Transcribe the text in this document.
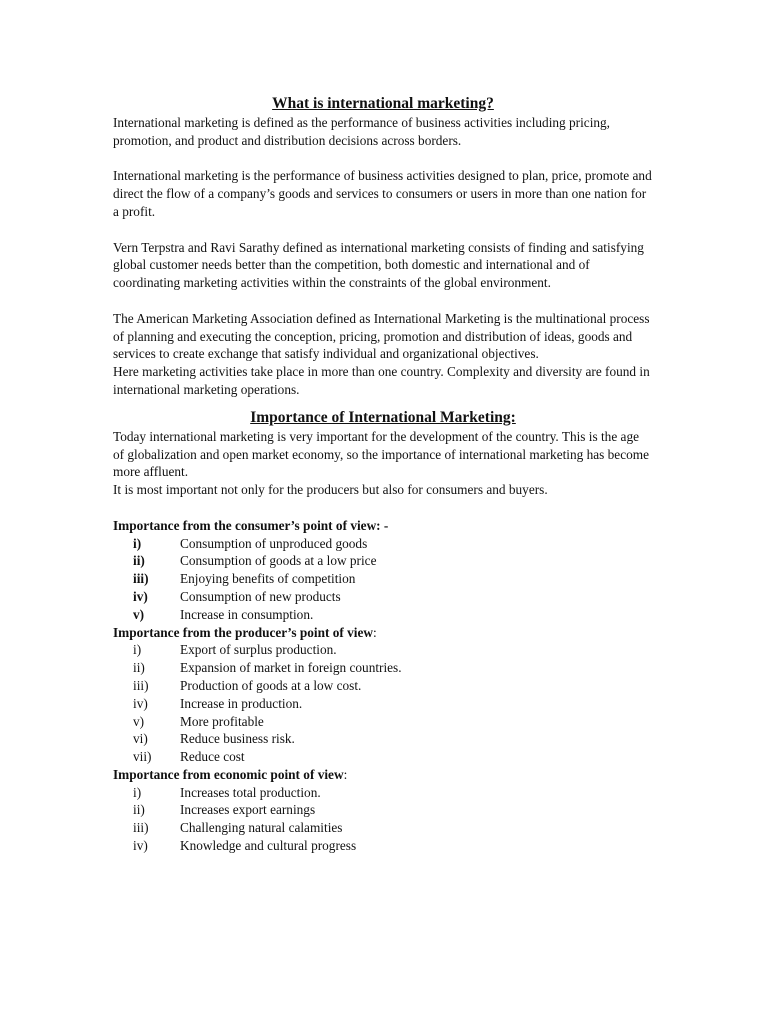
What is international marketing?

International marketing is defined as the performance of business activities including pricing, promotion, and product and distribution decisions across borders.

International marketing is the performance of business activities designed to plan, price, promote and direct the flow of a company’s goods and services to consumers or users in more than one nation for a profit.

Vern Terpstra and Ravi Sarathy defined as international marketing consists of finding and satisfying global customer needs better than the competition, both domestic and international and of coordinating marketing activities within the constraints of the global environment.

The American Marketing Association defined as International Marketing is the multinational process of planning and executing the conception, pricing, promotion and distribution of ideas, goods and services to create exchange that satisfy individual and organizational objectives.

Here marketing activities take place in more than one country. Complexity and diversity are found in international marketing operations.

Importance of International Marketing:

Today international marketing is very important for the development of the country. This is the age of globalization and open market economy, so the importance of international marketing has become more affluent.

It is most important not only for the producers but also for consumers and buyers.

Importance from the consumer’s point of view: -

i)	Consumption of unproduced goods
ii)	Consumption of goods at a low price
iii)	Enjoying benefits of competition
iv)	Consumption of new products
v)	Increase in consumption.

Importance from the producer’s point of view:

i)	Export of surplus production.
ii)	Expansion of market in foreign countries.
iii)	Production of goods at a low cost.
iv)	Increase in production.
v)	More profitable
vi)	Reduce business risk.
vii)	Reduce cost

Importance from economic point of view:

i)	Increases total production.
ii)	Increases export earnings
iii)	Challenging natural calamities
iv)	Knowledge and cultural progress
